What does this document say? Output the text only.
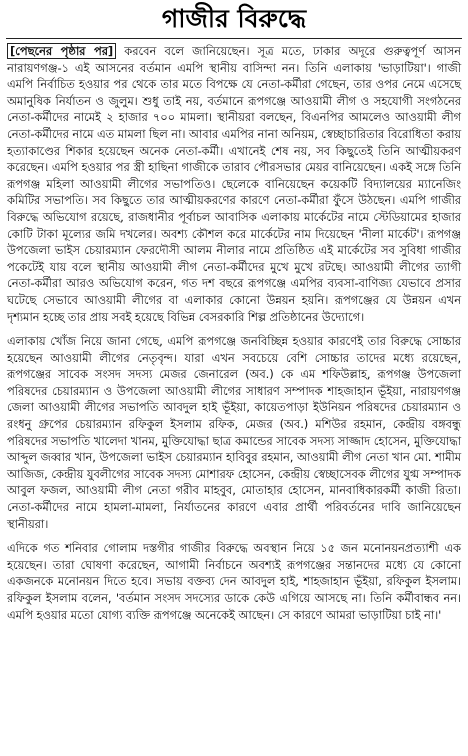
গাজীর বিরুদ্ধে

[পেছনের পৃষ্ঠার পর] করবেন বলে জানিয়েছেন। সূত্র মতে, ঢাকার অদূরে গুরুত্বপূর্ণ আসন নারায়ণগঞ্জ-১ এই আসনের বর্তমান এমপি স্থানীয় বাসিন্দা নন। তিনি এলাকায় 'ভাড়াটিয়া'। গাজী এমপি নির্বাচিত হওয়ার পর থেকে তার মতে বিপক্ষে যে নেতা-কর্মীরা গেছেন, তার ওপর নেমে এসেছে অমানুষিক নির্যাতন ও জুলুম। শুধু তাই নয়, বর্তমানে রূপগঞ্জে আওয়ামী লীগ ও সহযোগী সংগঠনের নেতা-কর্মীদের নামেই ২ হাজার ৭০০ মামলা। স্থানীয়রা বলছেন, বিএনপির আমলেও আওয়ামী লীগ নেতা-কর্মীদের নামে এত মামলা ছিল না। আবার এমপির নানা অনিয়ম, স্বেচ্ছাচারিতার বিরোধিতা করায় হত্যাকাণ্ডের শিকার হয়েছেন অনেক নেতা-কর্মী। এখানেই শেষ নয়, সব কিছুতেই তিনি আত্মীয়করণ করেছেন। এমপি হওয়ার পর স্ত্রী হাছিনা গাজীকে তারাব পৌরসভার মেয়র বানিয়েছেন। একই সঙ্গে তিনি রূপগঞ্জ মহিলা আওয়ামী লীগের সভাপতিও। ছেলেকে বানিয়েছেন কয়েকটি বিদ্যালয়ের ম্যানেজিং কমিটির সভাপতি। সব কিছুতে তার আত্মীয়করণের কারণে নেতা-কর্মীরা ফুঁসে উঠছেন। এমপি গাজীর বিরুদ্ধে অভিযোগ রয়েছে, রাজধানীর পূর্বাচল আবাসিক এলাকায় মার্কেটের নামে স্টেডিয়ামের হাজার কোটি টাকা মূল্যের জমি দখলের। অবশ্য কৌশল করে মার্কেটের নাম দিয়েছেন 'নীলা মার্কেট'। রূপগঞ্জ উপজেলা ভাইস চেয়ারম্যান ফেরদৌসী আলম নীলার নামে প্রতিষ্ঠিত এই মার্কেটের সব সুবিধা গাজীর পকেটেই যায় বলে স্থানীয় আওয়ামী লীগ নেতা-কর্মীদের মুখে মুখে রটছে। আওয়ামী লীগের ত্যাগী নেতা-কর্মীরা আরও অভিযোগ করেন, গত দশ বছরে রূপগঞ্জে এমপির ব্যবসা-বাণিজ্য যেভাবে প্রসার ঘটেছে সেভাবে আওয়ামী লীগের বা এলাকার কোনো উন্নয়ন হয়নি। রূপগঞ্জের যে উন্নয়ন এখন দৃশ্যমান হচ্ছে তার প্রায় সবই হয়েছে বিভিন্ন বেসরকারি শিল্প প্রতিষ্ঠানের উদ্যোগে।

এলাকায় খোঁজ নিয়ে জানা গেছে, এমপি রূপগঞ্জে জনবিচ্ছিন্ন হওয়ার কারণেই তার বিরুদ্ধে সোচ্চার হয়েছেন আওয়ামী লীগের নেতৃবৃন্দ। যারা এখন সবচেয়ে বেশি সোচ্চার তাদের মধ্যে রয়েছেন, রূপগঞ্জের সাবেক সংসদ সদস্য মেজর জেনারেল (অব.) কে এম শফিউল্লাহ, রূপগঞ্জ উপজেলা পরিষদের চেয়ারম্যান ও উপজেলা আওয়ামী লীগের সাধারণ সম্পাদক শাহজাহান ভূঁইয়া, নারায়ণগঞ্জ জেলা আওয়ামী লীগের সভাপতি আবদুল হাই ভূঁইয়া, কায়েতপাড়া ইউনিয়ন পরিষদের চেয়ারম্যান ও রংধনু গ্রুপের চেয়ারম্যান রফিকুল ইসলাম রফিক, মেজর (অব.) মশিউর রহমান, কেন্দ্রীয় বঙ্গবন্ধু পরিষদের সভাপতি খালেদা খানম, মুক্তিযোদ্ধা ছাত্র কমান্ডের সাবেক সদস্য সাজ্জাদ হোসেন, মুক্তিযোদ্ধা আব্দুল জব্বার খান, উপজেলা ভাইস চেয়ারম্যান হাবিবুর রহমান, আওয়ামী লীগ নেতা খান মো. শামীম আজিজ, কেন্দ্রীয় যুবলীগের সাবেক সদস্য মোশারফ হোসেন, কেন্দ্রীয় স্বেচ্ছাসেবক লীগের যুগ্ম সম্পাদক আবুল ফজল, আওয়ামী লীগ নেতা গরীব মাহবুব, মোতাহার হোসেন, মানবাধিকারকর্মী কাজী রিতা। নেতা-কর্মীদের নামে হামলা-মামলা, নির্যাতনের কারণে এবার প্রার্থী পরিবর্তনের দাবি জানিয়েছেন স্থানীয়রা।

এদিকে গত শনিবার গোলাম দস্তগীর গাজীর বিরুদ্ধে অবস্থান নিয়ে ১৫ জন মনোনয়নপ্রত্যাশী এক হয়েছেন। তারা ঘোষণা করেছেন, আগামী নির্বাচনে অবশ্যই রূপগঞ্জের সন্তানদের মধ্যে যে কোনো একজনকে মনোনয়ন দিতে হবে। সভায় বক্তব্য দেন আবদুল হাই, শাহজাহান ভূঁইয়া, রফিকুল ইসলাম। রফিকুল ইসলাম বলেন, 'বর্তমান সংসদ সদস্যের ডাকে কেউ এগিয়ে আসছে না। তিনি কর্মীবান্ধব নন। এমপি হওয়ার মতো যোগ্য ব্যক্তি রূপগঞ্জে অনেকেই আছেন। সে কারণে আমরা ভাড়াটিয়া চাই না।'
